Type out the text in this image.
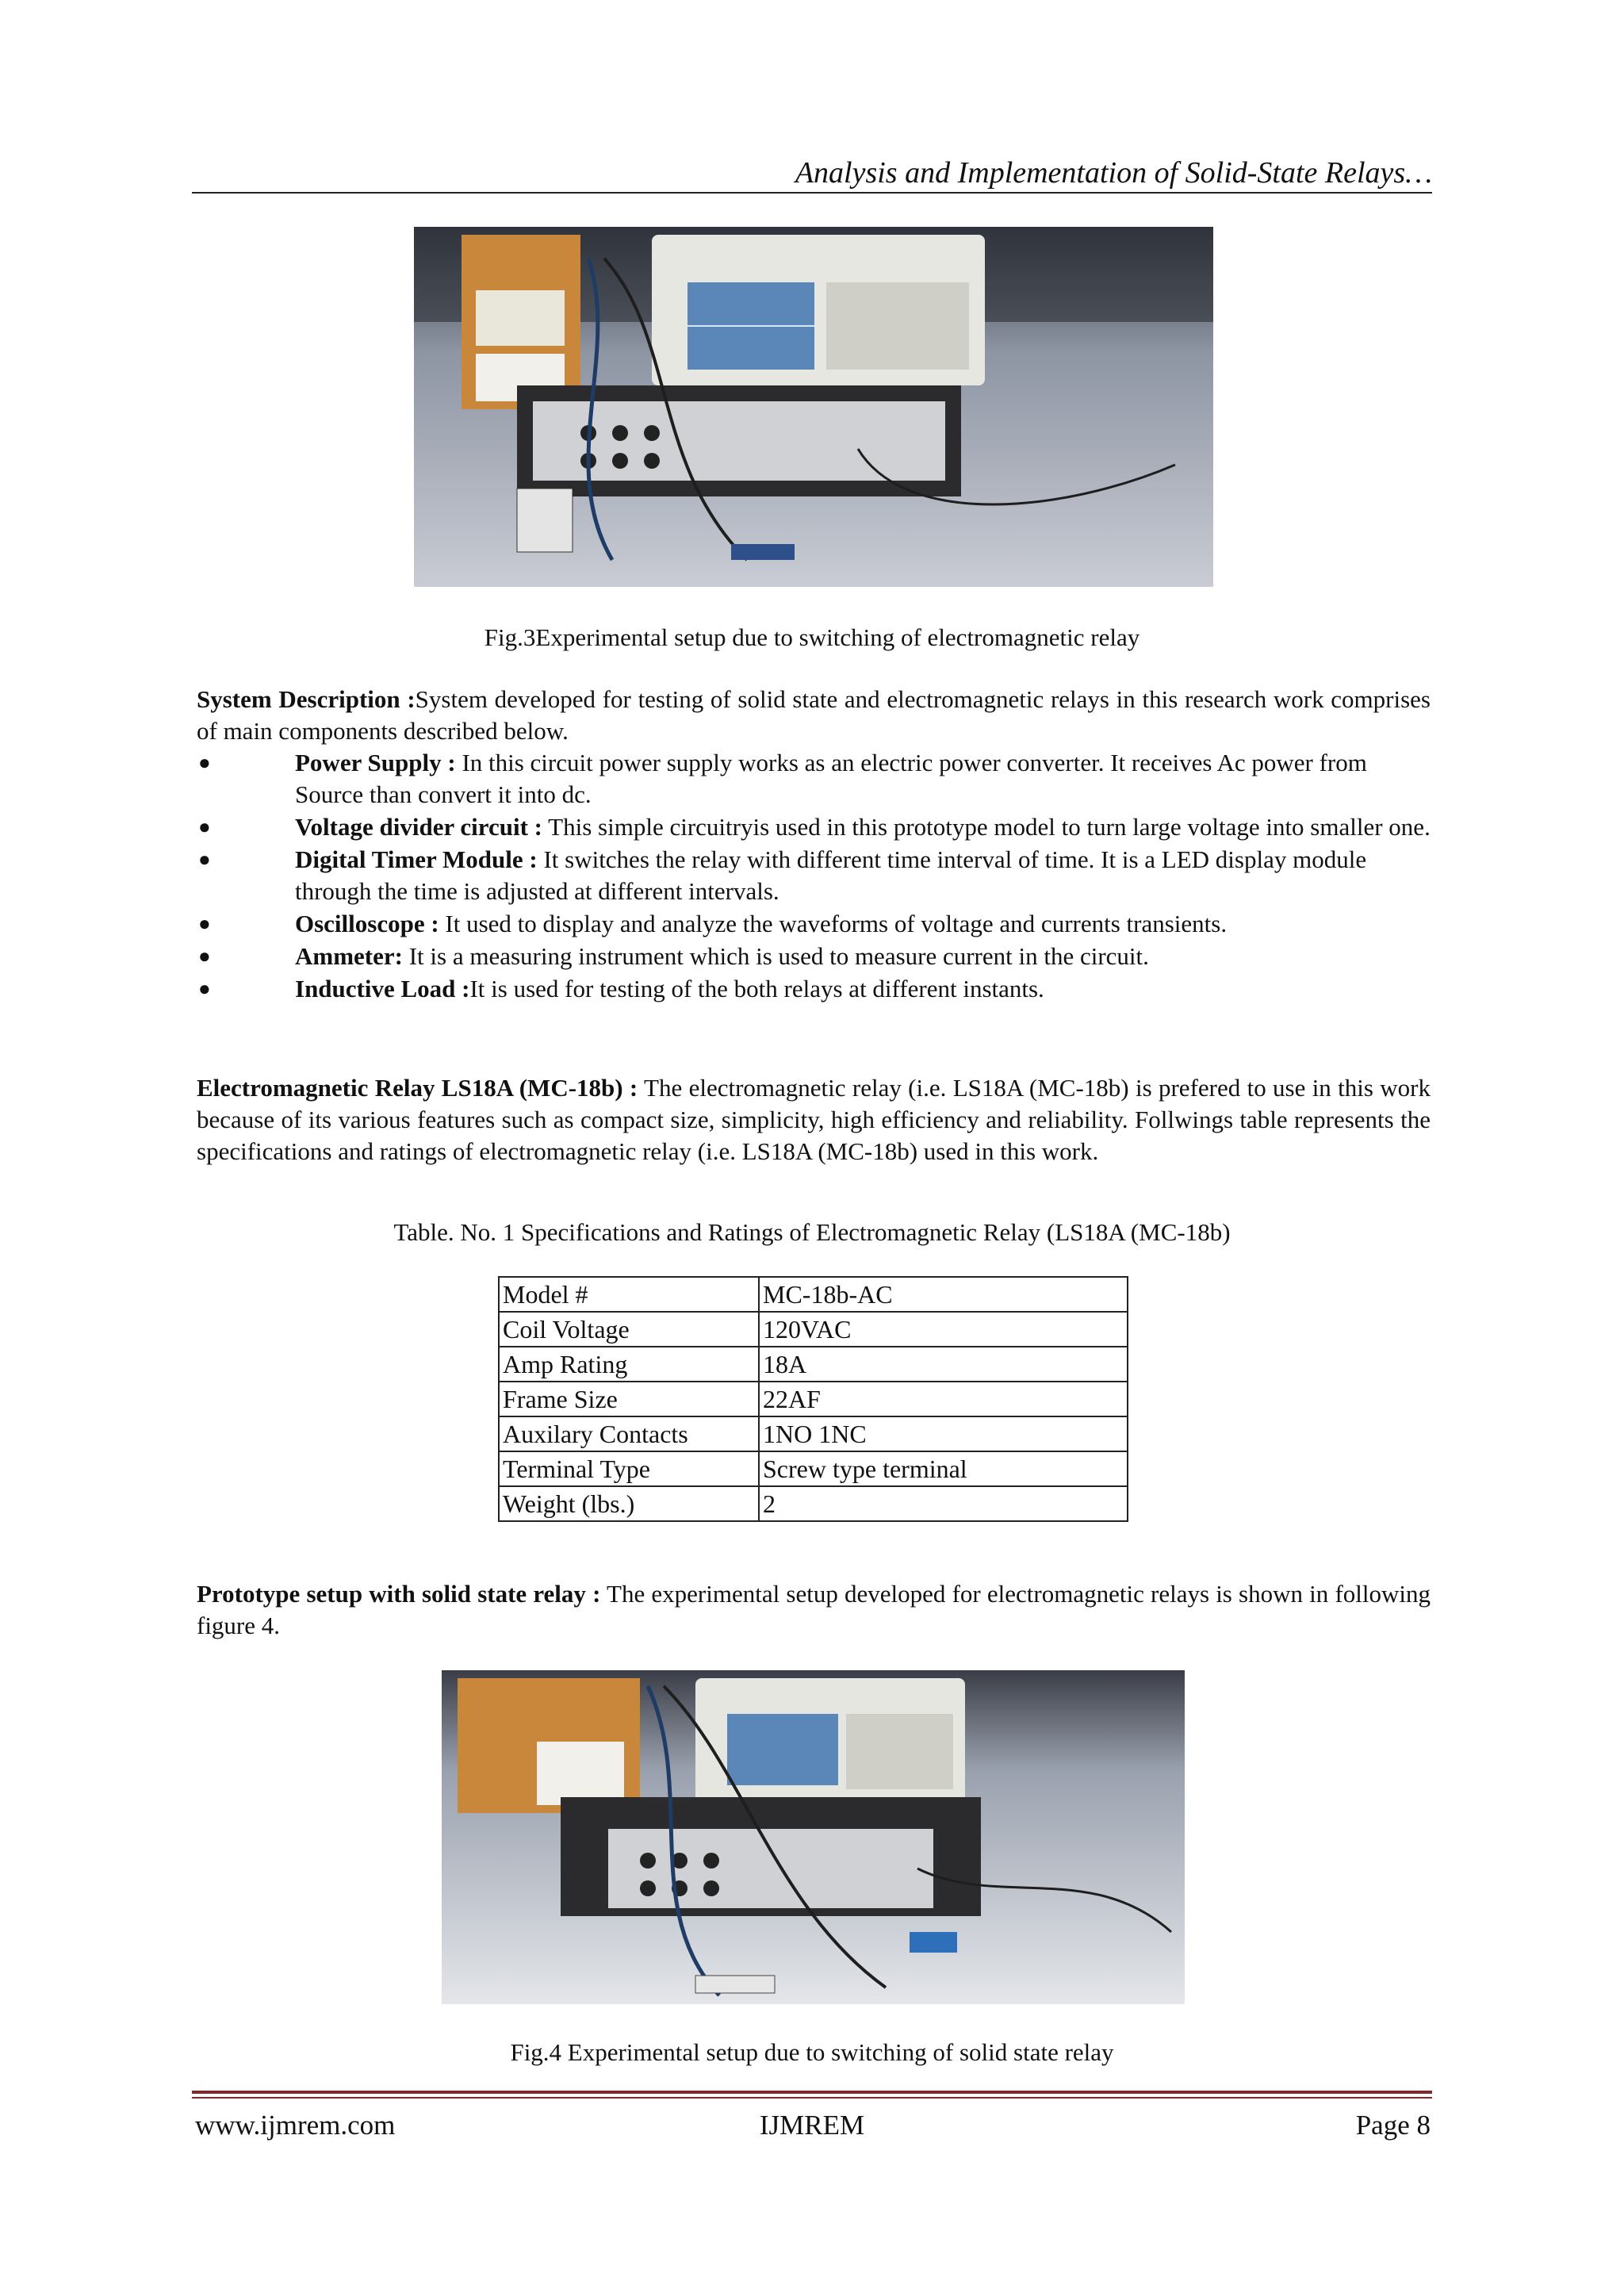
Analysis and Implementation of Solid-State Relays…
Fig.3Experimental setup due to switching of electromagnetic relay
System Description :System developed for testing of solid state and electromagnetic relays in this research work comprises of main components described below.
●	Power Supply : In this circuit power supply works as an electric power converter. It receives Ac power from Source than convert it into dc.
●	Voltage divider circuit : This simple circuitryis used in this prototype model to turn large voltage into smaller one.
●	Digital Timer Module : It switches the relay with different time interval of time. It is a LED display module through the time is adjusted at different intervals.
●	Oscilloscope : It used to display and analyze the waveforms of voltage and currents transients.
●	Ammeter: It is a measuring instrument which is used to measure current in the circuit.
●	Inductive Load :It is used for testing of the both relays at different instants.
Electromagnetic Relay LS18A (MC-18b) : The electromagnetic relay (i.e. LS18A (MC-18b) is prefered to use in this work because of its various features such as compact size, simplicity, high efficiency and reliability. Follwings table represents the specifications and ratings of electromagnetic relay (i.e. LS18A (MC-18b) used in this work.
Table. No. 1 Specifications and Ratings of Electromagnetic Relay (LS18A (MC-18b)
Model #	MC-18b-AC
Coil Voltage	120VAC
Amp Rating	18A
Frame Size	22AF
Auxilary Contacts	1NO 1NC
Terminal Type	Screw type terminal
Weight (lbs.)	2
Prototype setup with solid state relay : The experimental setup developed for electromagnetic relays is shown in following figure 4.
Fig.4 Experimental setup due to switching of solid state relay
www.ijmrem.com	IJMREM	Page 8
